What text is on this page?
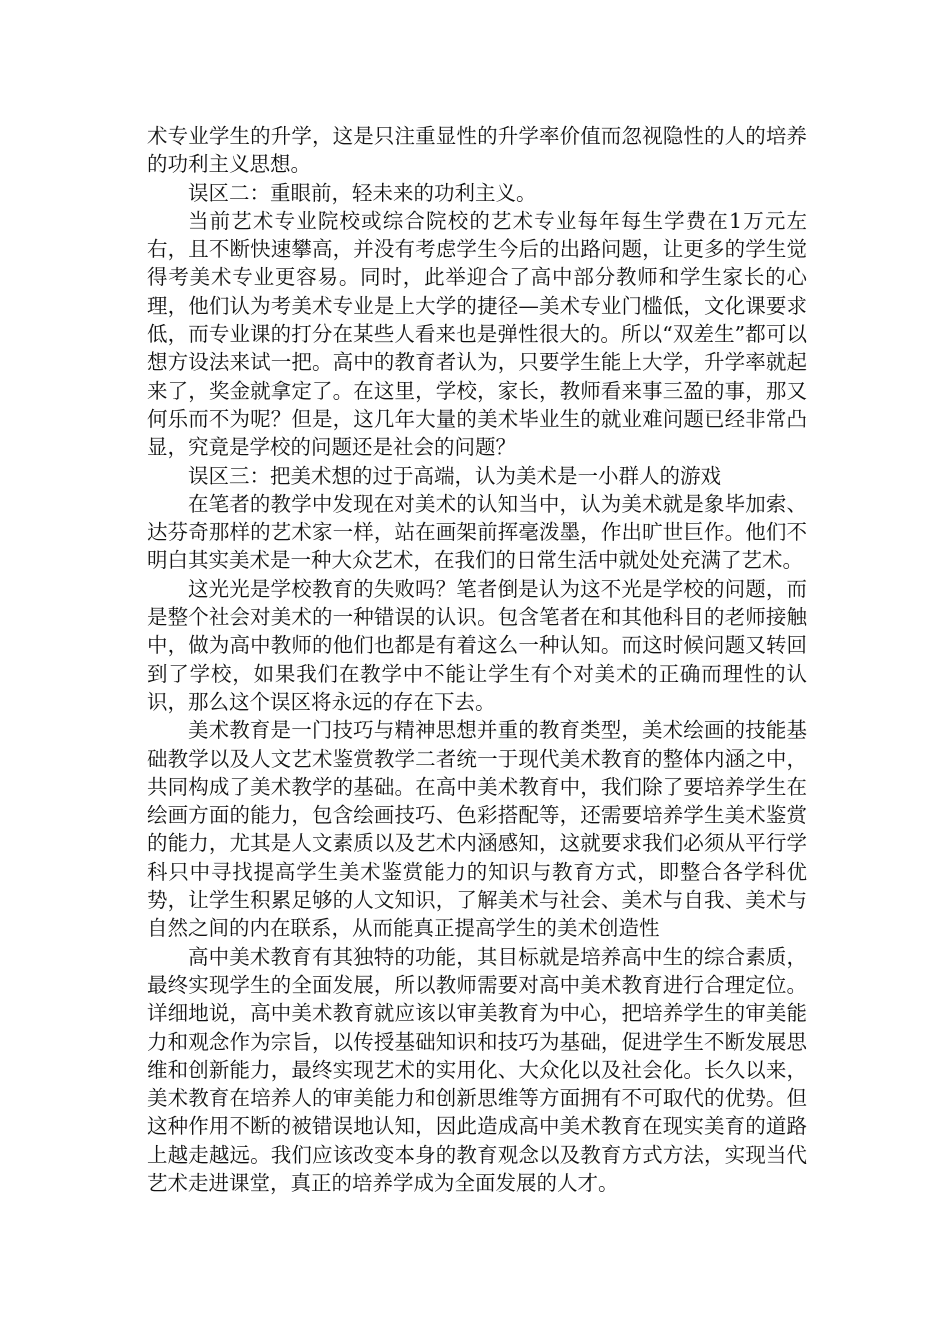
术专业学生的升学，这是只注重显性的升学率价值而忽视隐性的人的培养的功利主义思想。

误区二：重眼前，轻未来的功利主义。

当前艺术专业院校或综合院校的艺术专业每年每生学费在1万元左右，且不断快速攀高，并没有考虑学生今后的出路问题，让更多的学生觉得考美术专业更容易。同时，此举迎合了高中部分教师和学生家长的心理，他们认为考美术专业是上大学的捷径—美术专业门槛低，文化课要求低，而专业课的打分在某些人看来也是弹性很大的。所以“双差生”都可以想方设法来试一把。高中的教育者认为，只要学生能上大学，升学率就起来了，奖金就拿定了。在这里，学校，家长，教师看来事三盈的事，那又何乐而不为呢？但是，这几年大量的美术毕业生的就业难问题已经非常凸显，究竟是学校的问题还是社会的问题？

误区三：把美术想的过于高端，认为美术是一小群人的游戏

在笔者的教学中发现在对美术的认知当中，认为美术就是象毕加索、达芬奇那样的艺术家一样，站在画架前挥毫泼墨，作出旷世巨作。他们不明白其实美术是一种大众艺术，在我们的日常生活中就处处充满了艺术。

这光光是学校教育的失败吗？笔者倒是认为这不光是学校的问题，而是整个社会对美术的一种错误的认识。包含笔者在和其他科目的老师接触中，做为高中教师的他们也都是有着这么一种认知。而这时候问题又转回到了学校，如果我们在教学中不能让学生有个对美术的正确而理性的认识，那么这个误区将永远的存在下去。

美术教育是一门技巧与精神思想并重的教育类型，美术绘画的技能基础教学以及人文艺术鉴赏教学二者统一于现代美术教育的整体内涵之中，共同构成了美术教学的基础。在高中美术教育中，我们除了要培养学生在绘画方面的能力，包含绘画技巧、色彩搭配等，还需要培养学生美术鉴赏的能力，尤其是人文素质以及艺术内涵感知，这就要求我们必须从平行学科只中寻找提高学生美术鉴赏能力的知识与教育方式，即整合各学科优势，让学生积累足够的人文知识，了解美术与社会、美术与自我、美术与自然之间的内在联系，从而能真正提高学生的美术创造性

高中美术教育有其独特的功能，其目标就是培养高中生的综合素质，最终实现学生的全面发展，所以教师需要对高中美术教育进行合理定位。详细地说，高中美术教育就应该以审美教育为中心，把培养学生的审美能力和观念作为宗旨，以传授基础知识和技巧为基础，促进学生不断发展思维和创新能力，最终实现艺术的实用化、大众化以及社会化。长久以来，美术教育在培养人的审美能力和创新思维等方面拥有不可取代的优势。但这种作用不断的被错误地认知，因此造成高中美术教育在现实美育的道路上越走越远。我们应该改变本身的教育观念以及教育方式方法，实现当代艺术走进课堂，真正的培养学成为全面发展的人才。
